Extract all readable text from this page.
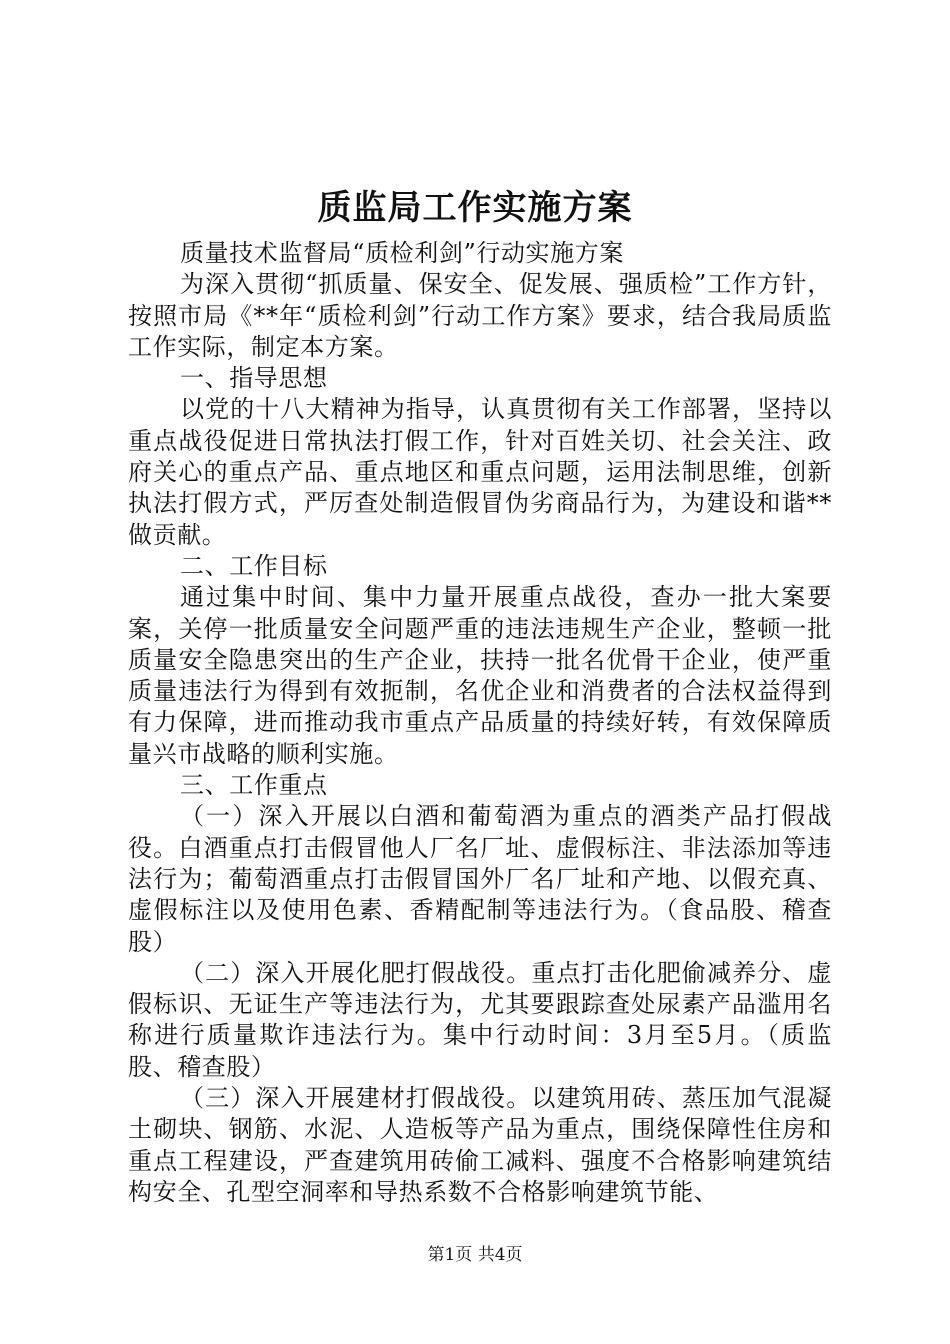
质监局工作实施方案

质量技术监督局“质检利剑”行动实施方案

为深入贯彻“抓质量、保安全、促发展、强质检”工作方针，按照市局《**年“质检利剑”行动工作方案》要求，结合我局质监工作实际，制定本方案。

一、指导思想

以党的十八大精神为指导，认真贯彻有关工作部署，坚持以重点战役促进日常执法打假工作，针对百姓关切、社会关注、政府关心的重点产品、重点地区和重点问题，运用法制思维，创新执法打假方式，严厉查处制造假冒伪劣商品行为，为建设和谐**做贡献。

二、工作目标

通过集中时间、集中力量开展重点战役，查办一批大案要案，关停一批质量安全问题严重的违法违规生产企业，整顿一批质量安全隐患突出的生产企业，扶持一批名优骨干企业，使严重质量违法行为得到有效扼制，名优企业和消费者的合法权益得到有力保障，进而推动我市重点产品质量的持续好转，有效保障质量兴市战略的顺利实施。

三、工作重点

（一）深入开展以白酒和葡萄酒为重点的酒类产品打假战役。白酒重点打击假冒他人厂名厂址、虚假标注、非法添加等违法行为；葡萄酒重点打击假冒国外厂名厂址和产地、以假充真、虚假标注以及使用色素、香精配制等违法行为。（食品股、稽查股）

（二）深入开展化肥打假战役。重点打击化肥偷减养分、虚假标识、无证生产等违法行为，尤其要跟踪查处尿素产品滥用名称进行质量欺诈违法行为。集中行动时间：3月至5月。（质监股、稽查股）

（三）深入开展建材打假战役。以建筑用砖、蒸压加气混凝土砌块、钢筋、水泥、人造板等产品为重点，围绕保障性住房和重点工程建设，严查建筑用砖偷工减料、强度不合格影响建筑结构安全、孔型空洞率和导热系数不合格影响建筑节能、

第1页 共4页
